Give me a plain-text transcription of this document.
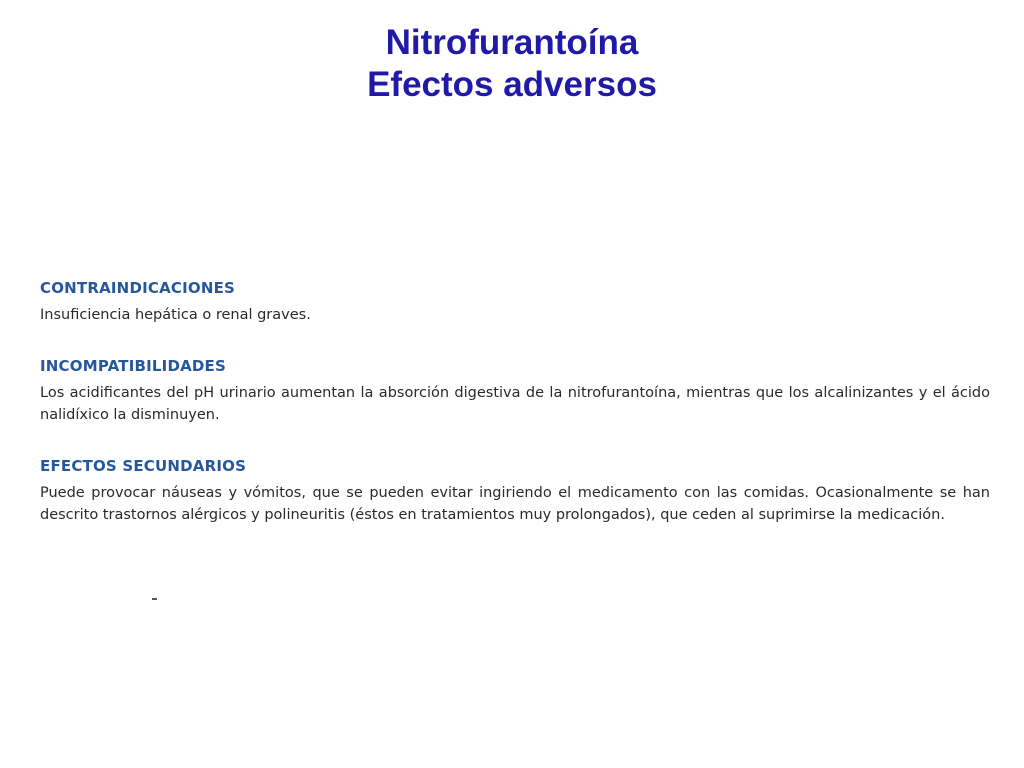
Nitrofurantoína
Efectos adversos
CONTRAINDICACIONES

Insuficiencia hepática o renal graves.

INCOMPATIBILIDADES

Los acidificantes del pH urinario aumentan la absorción digestiva de la nitrofurantoína, mientras que los alcalinizantes y el ácido nalidíxico la disminuyen.

EFECTOS SECUNDARIOS

Puede provocar náuseas y vómitos, que se pueden evitar ingiriendo el medicamento con las comidas. Ocasionalmente se han descrito trastornos alérgicos y polineuritis (éstos en tratamientos muy prolongados), que ceden al suprimirse la medicación.
